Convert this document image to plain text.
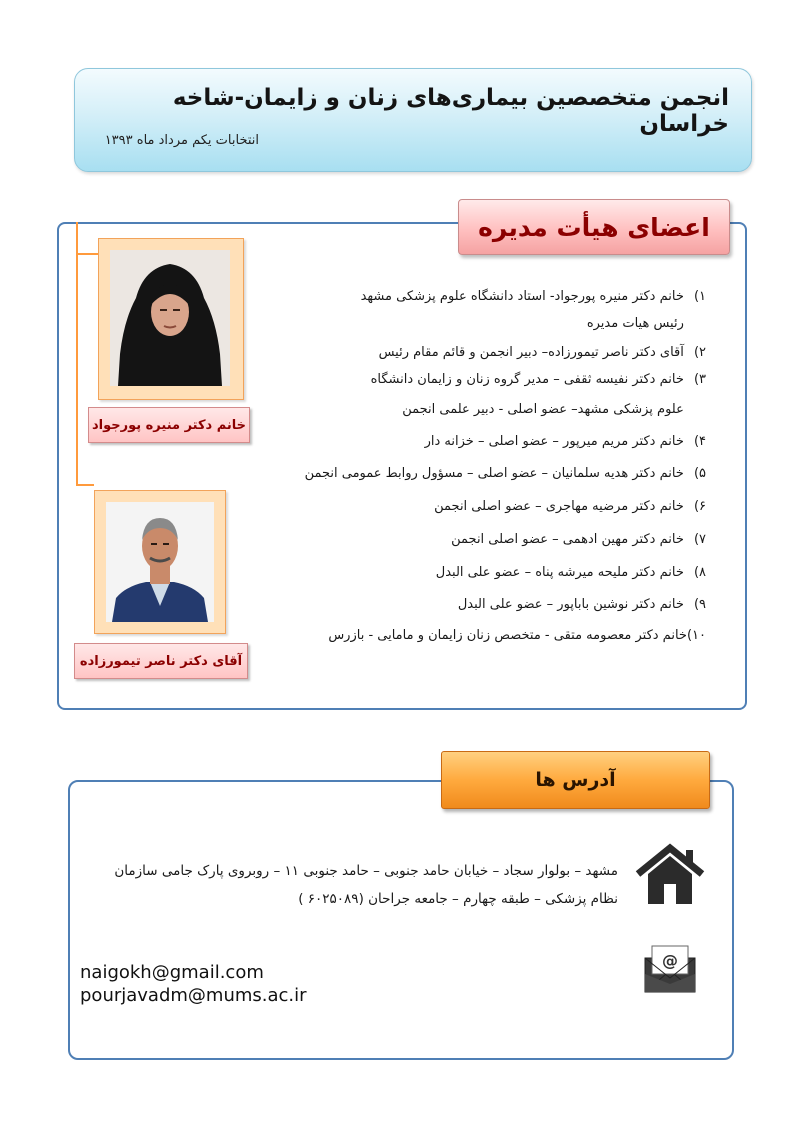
انجمن متخصصین بیماری‌های زنان و زایمان-شاخه خراسان
انتخابات یکم مرداد ماه ۱۳۹۳
اعضای هیأت مدیره
خانم دکتر منیره پورجواد
آقای دکتر ناصر تیمورزاده
۱) خانم دکتر منیره پورجواد- استاد دانشگاه علوم پزشکی مشهد
رئیس هیات مدیره
۲) آقای دکتر ناصر تیمورزاده– دبیر انجمن و قائم مقام رئیس
۳) خانم دکتر نفیسه ثقفی – مدیر گروه زنان و زایمان دانشگاه
علوم پزشکی مشهد– عضو اصلی - دبیر علمی انجمن
۴) خانم دکتر مریم میرپور – عضو اصلی – خزانه دار
۵) خانم دکتر هدیه سلمانیان – عضو اصلی – مسؤول روابط عمومی انجمن
۶) خانم دکتر مرضیه مهاجری – عضو اصلی انجمن
۷) خانم دکتر مهین ادهمی – عضو اصلی انجمن
۸) خانم دکتر ملیحه میرشه پناه – عضو علی البدل
۹) خانم دکتر نوشین باباپور – عضو علی البدل
۱۰)خانم دکتر معصومه متقی - متخصص زنان زایمان و مامایی - بازرس
آدرس ها
مشهد – بولوار سجاد – خیابان حامد جنوبی – حامد جنوبی ۱۱ – روبروی پارک جامی سازمان
نظام پزشکی – طبقه چهارم – جامعه جراحان (۶۰۲۵۰۸۹ )
@
naigokh@gmail.com
pourjavadm@mums.ac.ir
